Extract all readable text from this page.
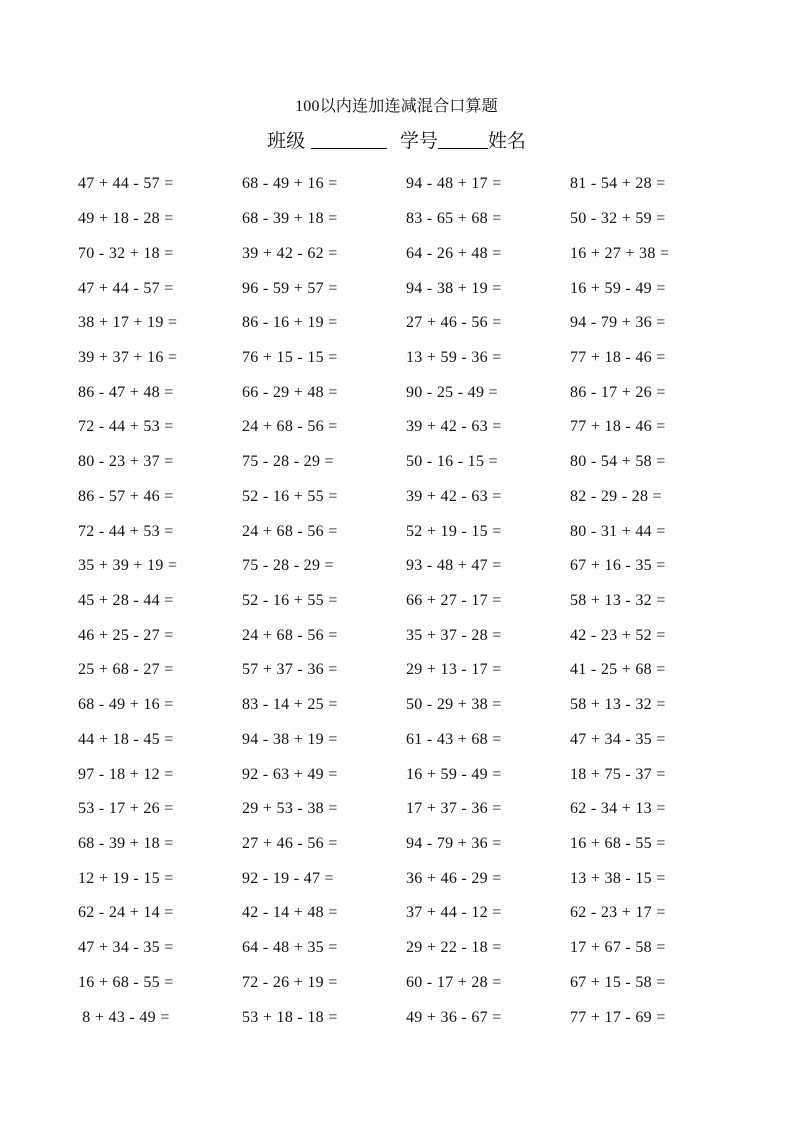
100以内连加连减混合口算题
班级	学号	姓名
47 + 44 - 57 =	68 - 49 + 16 =	94 - 48 + 17 =	81 - 54 + 28 =
49 + 18 - 28 =	68 - 39 + 18 =	83 - 65 + 68 =	50 - 32 + 59 =
70 - 32 + 18 =	39 + 42 - 62 =	64 - 26 + 48 =	16 + 27 + 38 =
47 + 44 - 57 =	96 - 59 + 57 =	94 - 38 + 19 =	16 + 59 - 49 =
38 + 17 + 19 =	86 - 16 + 19 =	27 + 46 - 56 =	94 - 79 + 36 =
39 + 37 + 16 =	76 + 15 - 15 =	13 + 59 - 36 =	77 + 18 - 46 =
86 - 47 + 48 =	66 - 29 + 48 =	90 - 25 - 49 =	86 - 17 + 26 =
72 - 44 + 53 =	24 + 68 - 56 =	39 + 42 - 63 =	77 + 18 - 46 =
80 - 23 + 37 =	75 - 28 - 29 =	50 - 16 - 15 =	80 - 54 + 58 =
86 - 57 + 46 =	52 - 16 + 55 =	39 + 42 - 63 =	82 - 29 - 28 =
72 - 44 + 53 =	24 + 68 - 56 =	52 + 19 - 15 =	80 - 31 + 44 =
35 + 39 + 19 =	75 - 28 - 29 =	93 - 48 + 47 =	67 + 16 - 35 =
45 + 28 - 44 =	52 - 16 + 55 =	66 + 27 - 17 =	58 + 13 - 32 =
46 + 25 - 27 =	24 + 68 - 56 =	35 + 37 - 28 =	42 - 23 + 52 =
25 + 68 - 27 =	57 + 37 - 36 =	29 + 13 - 17 =	41 - 25 + 68 =
68 - 49 + 16 =	83 - 14 + 25 =	50 - 29 + 38 =	58 + 13 - 32 =
44 + 18 - 45 =	94 - 38 + 19 =	61 - 43 + 68 =	47 + 34 - 35 =
97 - 18 + 12 =	92 - 63 + 49 =	16 + 59 - 49 =	18 + 75 - 37 =
53 - 17 + 26 =	29 + 53 - 38 =	17 + 37 - 36 =	62 - 34 + 13 =
68 - 39 + 18 =	27 + 46 - 56 =	94 - 79 + 36 =	16 + 68 - 55 =
12 + 19 - 15 =	92 - 19 - 47 =	36 + 46 - 29 =	13 + 38 - 15 =
62 - 24 + 14 =	42 - 14 + 48 =	37 + 44 - 12 =	62 - 23 + 17 =
47 + 34 - 35 =	64 - 48 + 35 =	29 + 22 - 18 =	17 + 67 - 58 =
16 + 68 - 55 =	72 - 26 + 19 =	60 - 17 + 28 =	67 + 15 - 58 =
8 + 43 - 49 =	53 + 18 - 18 =	49 + 36 - 67 =	77 + 17 - 69 =
